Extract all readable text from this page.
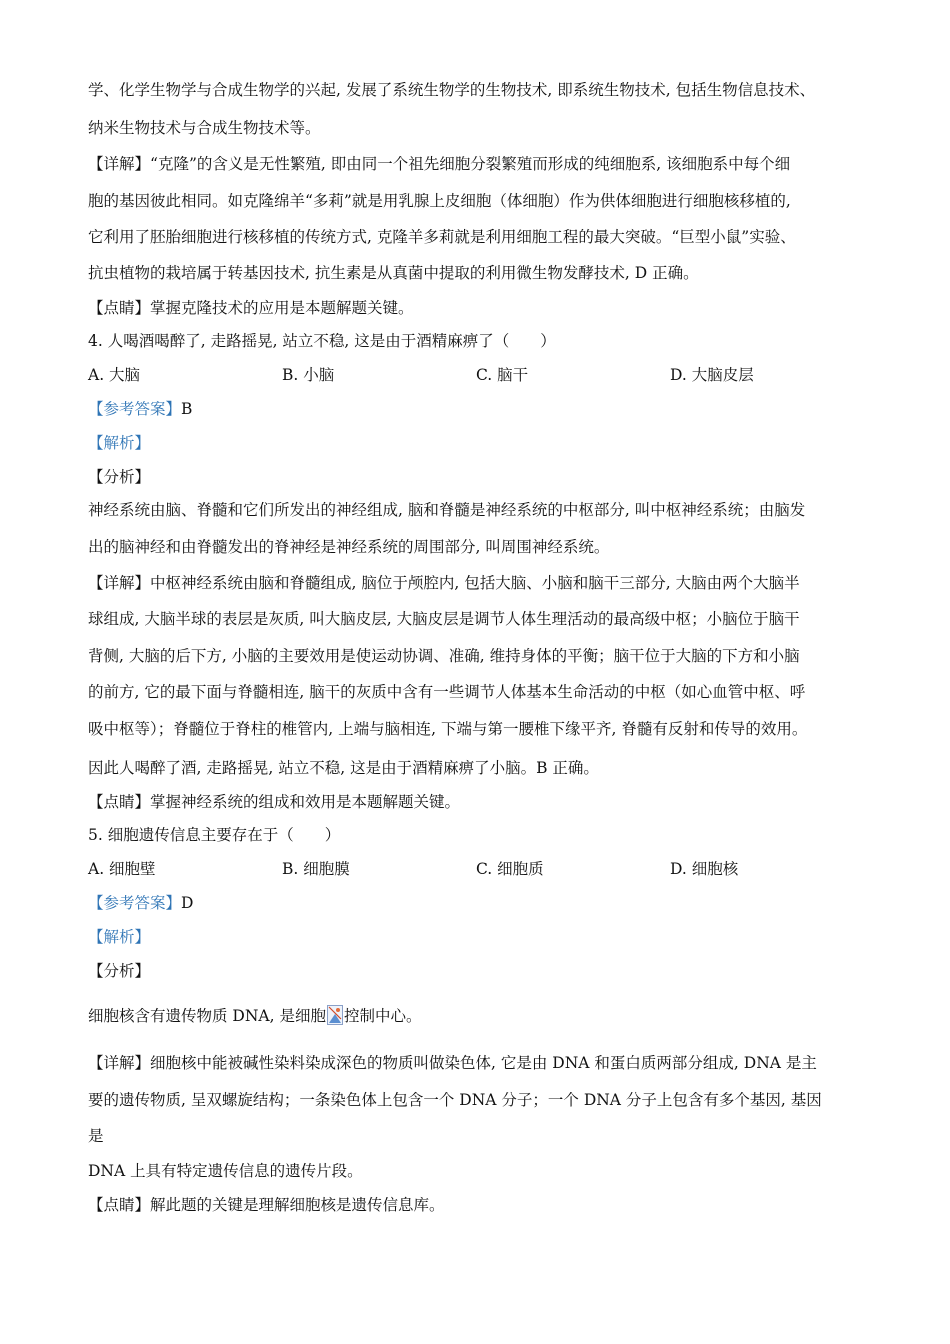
学、化学生物学与合成生物学的兴起, 发展了系统生物学的生物技术, 即系统生物技术, 包括生物信息技术、
纳米生物技术与合成生物技术等。
【详解】“克隆”的含义是无性繁殖, 即由同一个祖先细胞分裂繁殖而形成的纯细胞系, 该细胞系中每个细
胞的基因彼此相同。如克隆绵羊“多莉”就是用乳腺上皮细胞（体细胞）作为供体细胞进行细胞核移植的,
它利用了胚胎细胞进行核移植的传统方式, 克隆羊多莉就是利用细胞工程的最大突破。“巨型小鼠”实验、
抗虫植物的栽培属于转基因技术, 抗生素是从真菌中提取的利用微生物发酵技术, D 正确。
【点睛】掌握克隆技术的应用是本题解题关键。
4. 人喝酒喝醉了, 走路摇晃, 站立不稳, 这是由于酒精麻痹了（　　）
A. 大脑	B. 小脑	C. 脑干	D. 大脑皮层
【参考答案】B
【解析】
【分析】
神经系统由脑、脊髓和它们所发出的神经组成, 脑和脊髓是神经系统的中枢部分, 叫中枢神经系统；由脑发
出的脑神经和由脊髓发出的脊神经是神经系统的周围部分, 叫周围神经系统。
【详解】中枢神经系统由脑和脊髓组成, 脑位于颅腔内, 包括大脑、小脑和脑干三部分, 大脑由两个大脑半
球组成, 大脑半球的表层是灰质, 叫大脑皮层, 大脑皮层是调节人体生理活动的最高级中枢；小脑位于脑干
背侧, 大脑的后下方, 小脑的主要效用是使运动协调、准确, 维持身体的平衡；脑干位于大脑的下方和小脑
的前方, 它的最下面与脊髓相连, 脑干的灰质中含有一些调节人体基本生命活动的中枢（如心血管中枢、呼
吸中枢等）；脊髓位于脊柱的椎管内, 上端与脑相连, 下端与第一腰椎下缘平齐, 脊髓有反射和传导的效用。
因此人喝醉了酒, 走路摇晃, 站立不稳, 这是由于酒精麻痹了小脑。B 正确。
【点睛】掌握神经系统的组成和效用是本题解题关键。
5. 细胞遗传信息主要存在于（　　）
A. 细胞壁	B. 细胞膜	C. 细胞质	D. 细胞核
【参考答案】D
【解析】
【分析】
细胞核含有遗传物质 DNA, 是细胞 控制中心。
【详解】细胞核中能被碱性染料染成深色的物质叫做染色体, 它是由 DNA 和蛋白质两部分组成, DNA 是主
要的遗传物质, 呈双螺旋结构；一条染色体上包含一个 DNA 分子；一个 DNA 分子上包含有多个基因, 基因
是
DNA 上具有特定遗传信息的遗传片段。
【点睛】解此题的关键是理解细胞核是遗传信息库。
